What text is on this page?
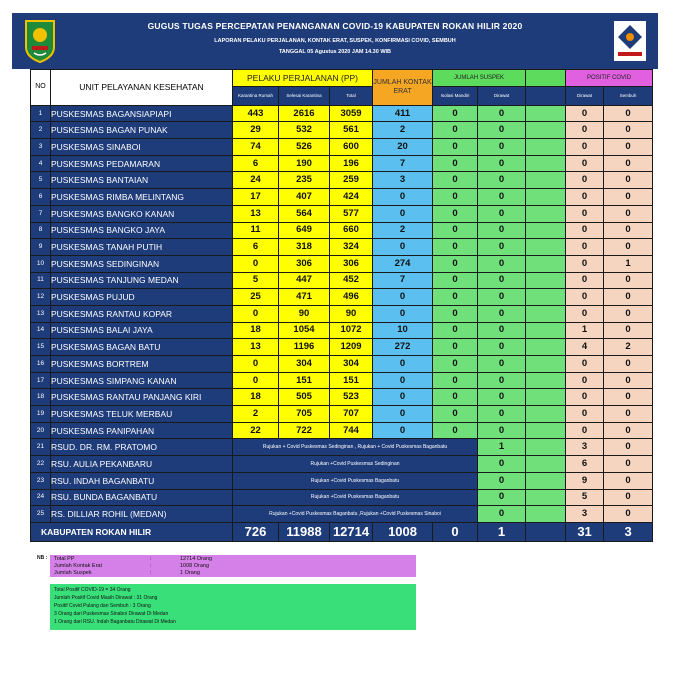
GUGUS TUGAS PERCEPATAN PENANGANAN COVID-19 KABUPATEN ROKAN HILIR 2020
LAPORAN PELAKU PERJALANAN, KONTAK ERAT, SUSPEK, KONFIRMASI COVID, SEMBUH
TANGGAL 05 Agustus 2020 JAM 14.30 WIB
NO	UNIT PELAYANAN KESEHATAN	PELAKU PERJALANAN (PP)			JUMLAH KONTAK ERAT	JUMLAH SUSPEK			POSITIF COVID	
		Karantina Rumah	Selesai Karantina	Total		Isolasi Mandiri	Dirawat		Dirawat	Sembuh
1	PUSKESMAS BAGANSIAPIAPI	443	2616	3059	411	0	0		0	0
2	PUSKESMAS BAGAN PUNAK	29	532	561	2	0	0		0	0
3	PUSKESMAS SINABOI	74	526	600	20	0	0		0	0
4	PUSKESMAS PEDAMARAN	6	190	196	7	0	0		0	0
5	PUSKESMAS BANTAIAN	24	235	259	3	0	0		0	0
6	PUSKESMAS RIMBA MELINTANG	17	407	424	0	0	0		0	0
7	PUSKESMAS BANGKO KANAN	13	564	577	0	0	0		0	0
8	PUSKESMAS BANGKO JAYA	11	649	660	2	0	0		0	0
9	PUSKESMAS TANAH PUTIH	6	318	324	0	0	0		0	0
10	PUSKESMAS SEDINGINAN	0	306	306	274	0	0		0	1
11	PUSKESMAS TANJUNG MEDAN	5	447	452	7	0	0		0	0
12	PUSKESMAS PUJUD	25	471	496	0	0	0		0	0
13	PUSKESMAS RANTAU KOPAR	0	90	90	0	0	0		0	0
14	PUSKESMAS BALAI JAYA	18	1054	1072	10	0	0		1	0
15	PUSKESMAS BAGAN BATU	13	1196	1209	272	0	0		4	2
16	PUSKESMAS BORTREM	0	304	304	0	0	0		0	0
17	PUSKESMAS SIMPANG KANAN	0	151	151	0	0	0		0	0
18	PUSKESMAS RANTAU PANJANG KIRI	18	505	523	0	0	0		0	0
19	PUSKESMAS TELUK MERBAU	2	705	707	0	0	0		0	0
20	PUSKESMAS PANIPAHAN	22	722	744	0	0	0		0	0
21	RSUD. DR. RM. PRATOMO	Rujukan + Covid Puskesmas Sedinginan , Rujukan + Covid Puskesmas Baganbatu					1		3	0
22	RSU. AULIA PEKANBARU	Rujukan +Covid Puskesmas Sedinginan					0		6	0
23	RSU. INDAH BAGANBATU	Rujukan +Covid Puskesmas Baganbatu					0		9	0
24	RSU. BUNDA BAGANBATU	Rujukan +Covid Puskesmas Baganbatu					0		5	0
25	RS. DILLIAR ROHIL (MEDAN)	Rujukan +Covid Puskesmas Baganbatu ,Rujukan +Covid Puskesmas Sinaboi					0		3	0
KABUPATEN ROKAN HILIR		726	11988	12714	1008	0	1		31	3
NB : Total PP	:	12714 Orang
Jumlah Kontak Erat	:	1008 Orang
Jumlah Suspek	:	1 Orang
Total Positif COVID-19 = 34 Orang
Jumlah Positif Covid Masih Dirawat : 31 Orang
Positif Covid Pulang dan Sembuh : 3 Orang
3 Orang dari Puskesmas Sinaboi Dirawat Di Medan
1 Orang dari RSU. Indah Baganbatu Dirawat Di Medan
